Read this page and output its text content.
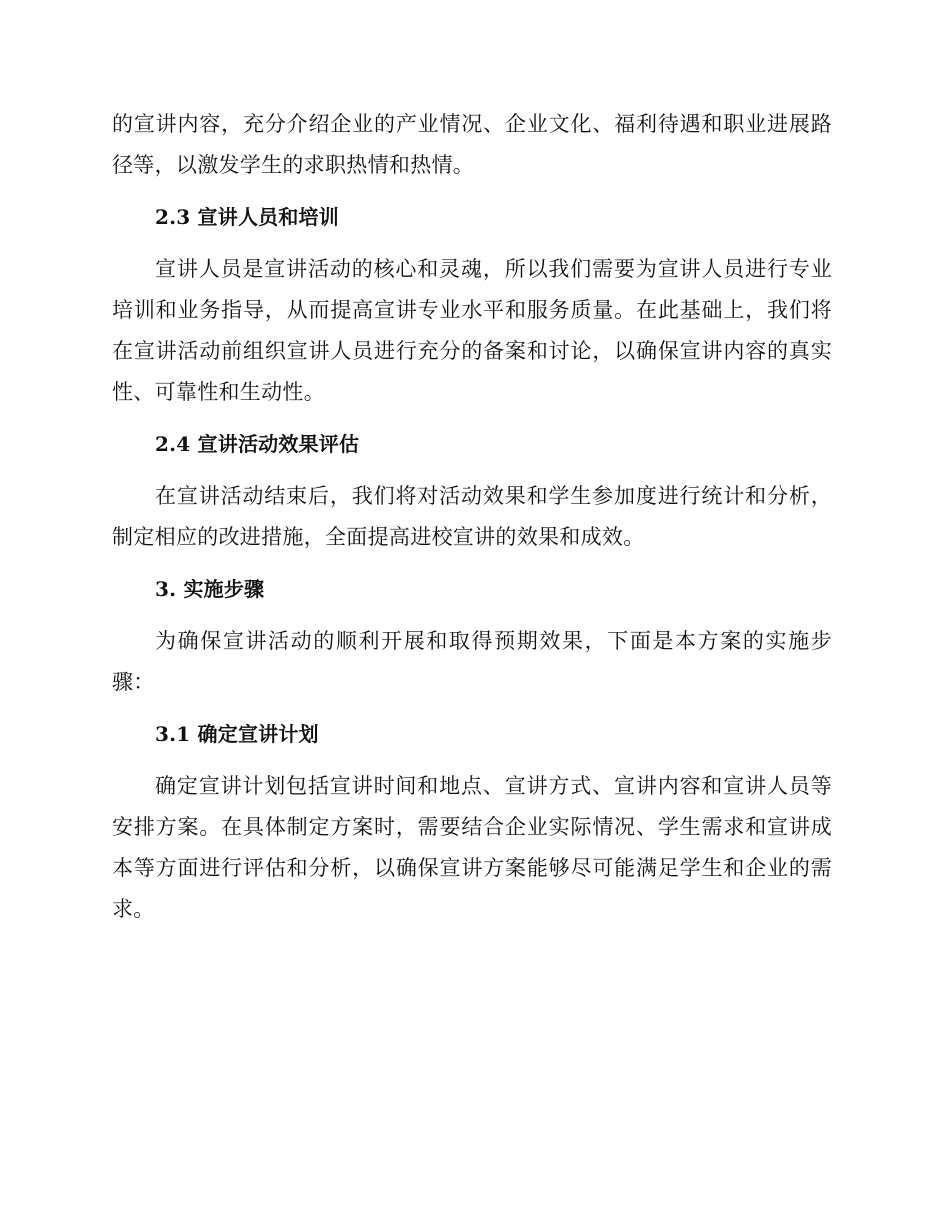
的宣讲内容，充分介绍企业的产业情况、企业文化、福利待遇和职业进展路径等，以激发学生的求职热情和热情。

2.3 宣讲人员和培训

宣讲人员是宣讲活动的核心和灵魂，所以我们需要为宣讲人员进行专业培训和业务指导，从而提高宣讲专业水平和服务质量。在此基础上，我们将在宣讲活动前组织宣讲人员进行充分的备案和讨论，以确保宣讲内容的真实性、可靠性和生动性。

2.4 宣讲活动效果评估

在宣讲活动结束后，我们将对活动效果和学生参加度进行统计和分析，制定相应的改进措施，全面提高进校宣讲的效果和成效。

3. 实施步骤

为确保宣讲活动的顺利开展和取得预期效果，下面是本方案的实施步骤：

3.1 确定宣讲计划

确定宣讲计划包括宣讲时间和地点、宣讲方式、宣讲内容和宣讲人员等安排方案。在具体制定方案时，需要结合企业实际情况、学生需求和宣讲成本等方面进行评估和分析，以确保宣讲方案能够尽可能满足学生和企业的需求。
